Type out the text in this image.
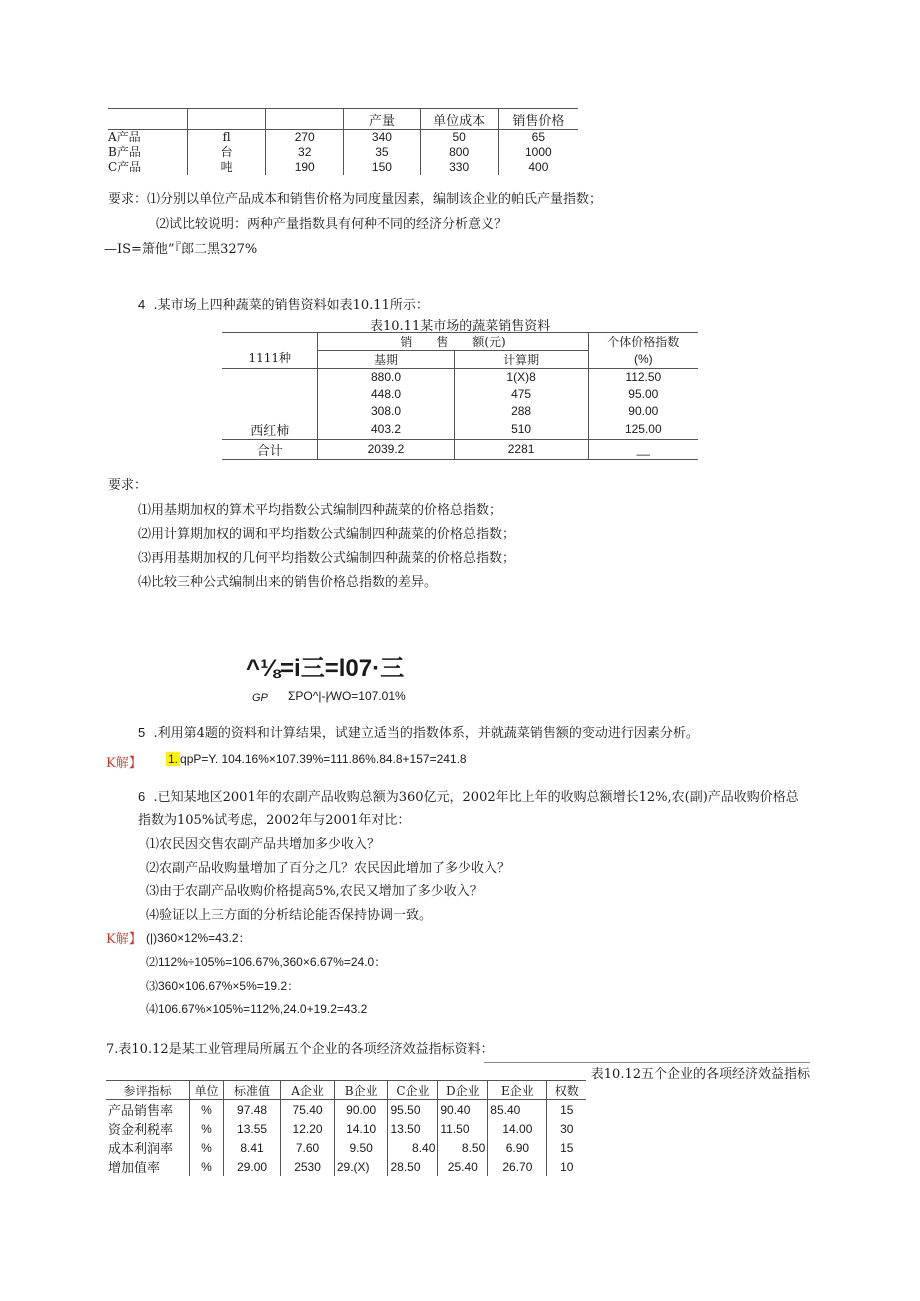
			产量	单位成本	销售价格
A产品	fl	270	340	50	65
B产品	台	32	35	800	1000
C产品	吨	190	150	330	400
要求：⑴分别以单位产品成本和销售价格为同度量因素，编制该企业的帕氏产量指数；
⑵试比较说明：两种产量指数具有何种不同的经济分析意义？
—IS=箫他”『郎二黑327%
4 .某市场上四种蔬菜的销售资料如表10.11所示：
表10.11某市场的蔬菜销售资料
1111种	销　　售　　额(元)		个体价格指数
	基期	计算期	(%)
	880.0	1(X)8	112.50
	448.0	475	95.00
	308.0	288	90.00
西红柿	403.2	510	125.00
合计	2039.2	2281	__
要求：
⑴用基期加权的算术平均指数公式编制四种蔬菜的价格总指数；
⑵用计算期加权的调和平均指数公式编制四种蔬菜的价格总指数；
⑶再用基期加权的几何平均指数公式编制四种蔬菜的价格总指数；
⑷比较三种公式编制出来的销售价格总指数的差异。
^⅛=i三=l07·三
GP ΣPO^|-|⁄WO=107.01%
5 .利用第4题的资料和计算结果，试建立适当的指数体系，并就蔬菜销售额的变动进行因素分析。
K解】 1. qpP=Y. 104.16%×107.39%=111.86%.84.8+157=241.8
6 .已知某地区2001年的农副产品收购总额为360亿元，2002年比上年的收购总额增长12%,农(副)产品收购价格总
指数为105%试考虑，2002年与2001年对比：
⑴农民因交售农副产品共增加多少收入？
⑵农副产品收购量增加了百分之几？农民因此增加了多少收入？
⑶由于农副产品收购价格提高5%,农民又增加了多少收入？
⑷验证以上三方面的分析结论能否保持协调一致。
K解】 (|)360×12%=43.2：
⑵112%÷105%=106.67%,360×6.67%=24.0：
⑶360×106.67%×5%=19.2：
⑷106.67%×105%=112%,24.0+19.2=43.2
7.表10.12是某工业管理局所属五个企业的各项经济效益指标资料：
表10.12五个企业的各项经济效益指标
参评指标	单位	标准值	A企业	B企业	C企业	D企业	E企业	权数
产品销售率	%	97.48	75.40	90.00	95.50	90.40	85.40	15
资金利税率	%	13.55	12.20	14.10	13.50	11.50	14.00	30
成本利润率	%	8.41	7.60	9.50	8.40	8.50	6.90	15
增加值率	%	29.00	2530	29.(X)	28.50	25.40	26.70	10
